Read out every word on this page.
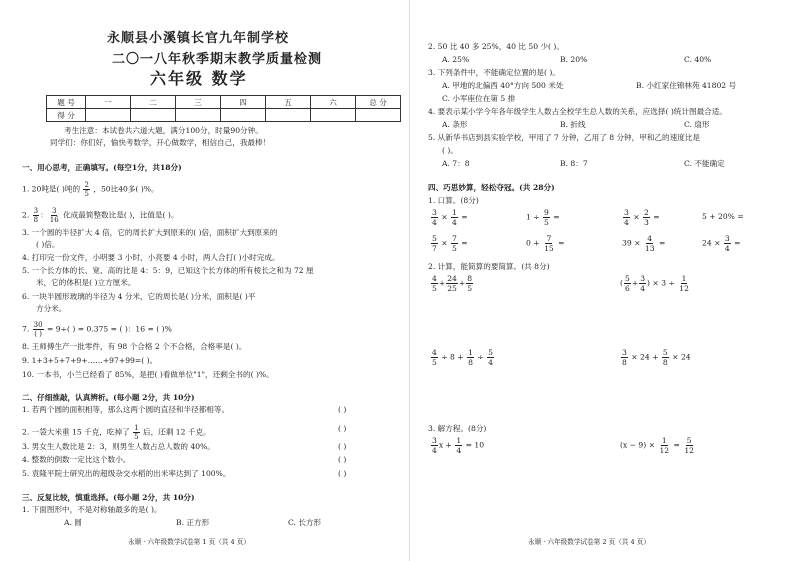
永顺县小溪镇长官九年制学校
二〇一八年秋季期末教学质量检测
六年级 数学
题 号	一	二	三	四	五	六	总 分
得 分							
考生注意：本试卷共六道大题，满分100分，时量90分钟。
同学们：你们好，愉快考数学，开心做数学，相信自己，我最棒！
一、用心思考，正确填写。(每空1分，共18分)
1. 20吨是( )吨的 $\frac{2}{5}$ ，50比40多( )%。
2. $\frac{3}{8}$ ： $\frac{3}{16}$ 化成最简整数比是( )，比值是( )。
3. 一个圆的半径扩大 4 倍，它的周长扩大到原来的( )倍，面积扩大到原来的
( )倍。
4. 打印完一份文件，小明要 3 小时，小亮要 4 小时，两人合打( )小时完成。
5. 一个长方体的长、宽、高的比是 4：5：9，已知这个长方体的所有棱长之和为 72 厘
米，它的体积是( )立方厘米。
6. 一块半圆形玻璃的半径为 4 分米，它的周长是( )分米，面积是( )平
方分米。
7. $\frac{30}{( )} = 9\div$( ) = 0.375 = ( )：16 = ( )%
8. 王师傅生产一批零件，有 98 个合格 2 个不合格，合格率是( )。
9. 1+3+5+7+9+……+97+99=( )。
10. 一本书，小兰已经看了 85%，是把( )看做单位"1"，还剩全书的( )%。
二、仔细推敲，认真辨析。(每小题 2分，共 10分)
1. 若两个圆的面积相等，那么这两个圆的直径和半径都相等。	( )
2. 一袋大米重 15 千克，吃掉了 $\frac{1}{5}$ 后，还剩 12 千克。	( )
3. 男女生人数比是 2：3，则男生人数占总人数的 40%。	( )
4. 整数的倒数一定比这个数小。	( )
5. 袁隆平院士研究出的超级杂交水稻的出米率达到了 100%。	( )
三、反复比较，慎重选择。(每小题 2分，共 10分)
1. 下面图形中，不是对称轴最多的是( )。
A. 圆	B. 正方形	C. 长方形
永顺 · 六年级数学试卷第 1 页（共 4 页）
2. 50 比 40 多 25%，40 比 50 少( )。
A. 25%	B. 20%	C. 40%
3. 下列条件中，不能确定位置的是( )。
A. 甲地的北偏西 40°方向 500 米处	B. 小红家住锦林苑 41802 号
C. 小军座位在第 5 排
4. 要表示某小学今年各年级学生人数占全校学生总人数的关系，应选择( )统计图最合适。
A. 条形	B. 折线	C. 扇形
5. 从新华书店到县实验学校，甲用了 7 分钟，乙用了 8 分钟，甲和乙的速度比是
( )。
A. 7：8	B. 8：7	C. 不能确定
四、巧思妙算，轻松夺冠。(共 28分)
1. 口算。(8分)
$\frac{3}{4} \times \frac{1}{4}$ =	$1 \div \frac{9}{5}$ =	$\frac{3}{4} \times \frac{2}{3}$ =	5 + 20% =
$\frac{5}{7} \times \frac{7}{5}$ =	$0 + \frac{7}{15}$ =	$39 \times \frac{4}{13}$ =	$24 \times \frac{3}{4}$ =
2. 计算，能简算的要简算。(共 8分)
$\frac{4}{5} + \frac{24}{25} + \frac{8}{5}$	( $\frac{5}{6} + \frac{3}{4}$ ) × $3 \div \frac{1}{12}$
$\frac{4}{5} \div 8 + \frac{1}{8} \div \frac{5}{4}$	$\frac{3}{8} \times 24 + \frac{5}{8} \times 24$
3. 解方程。(8分)
$\frac{3}{4}$ $x + \frac{1}{4} = 10$	$(x - 9) \times \frac{1}{12} = \frac{5}{12}$
永顺 · 六年级数学试卷第 2 页（共 4 页）
